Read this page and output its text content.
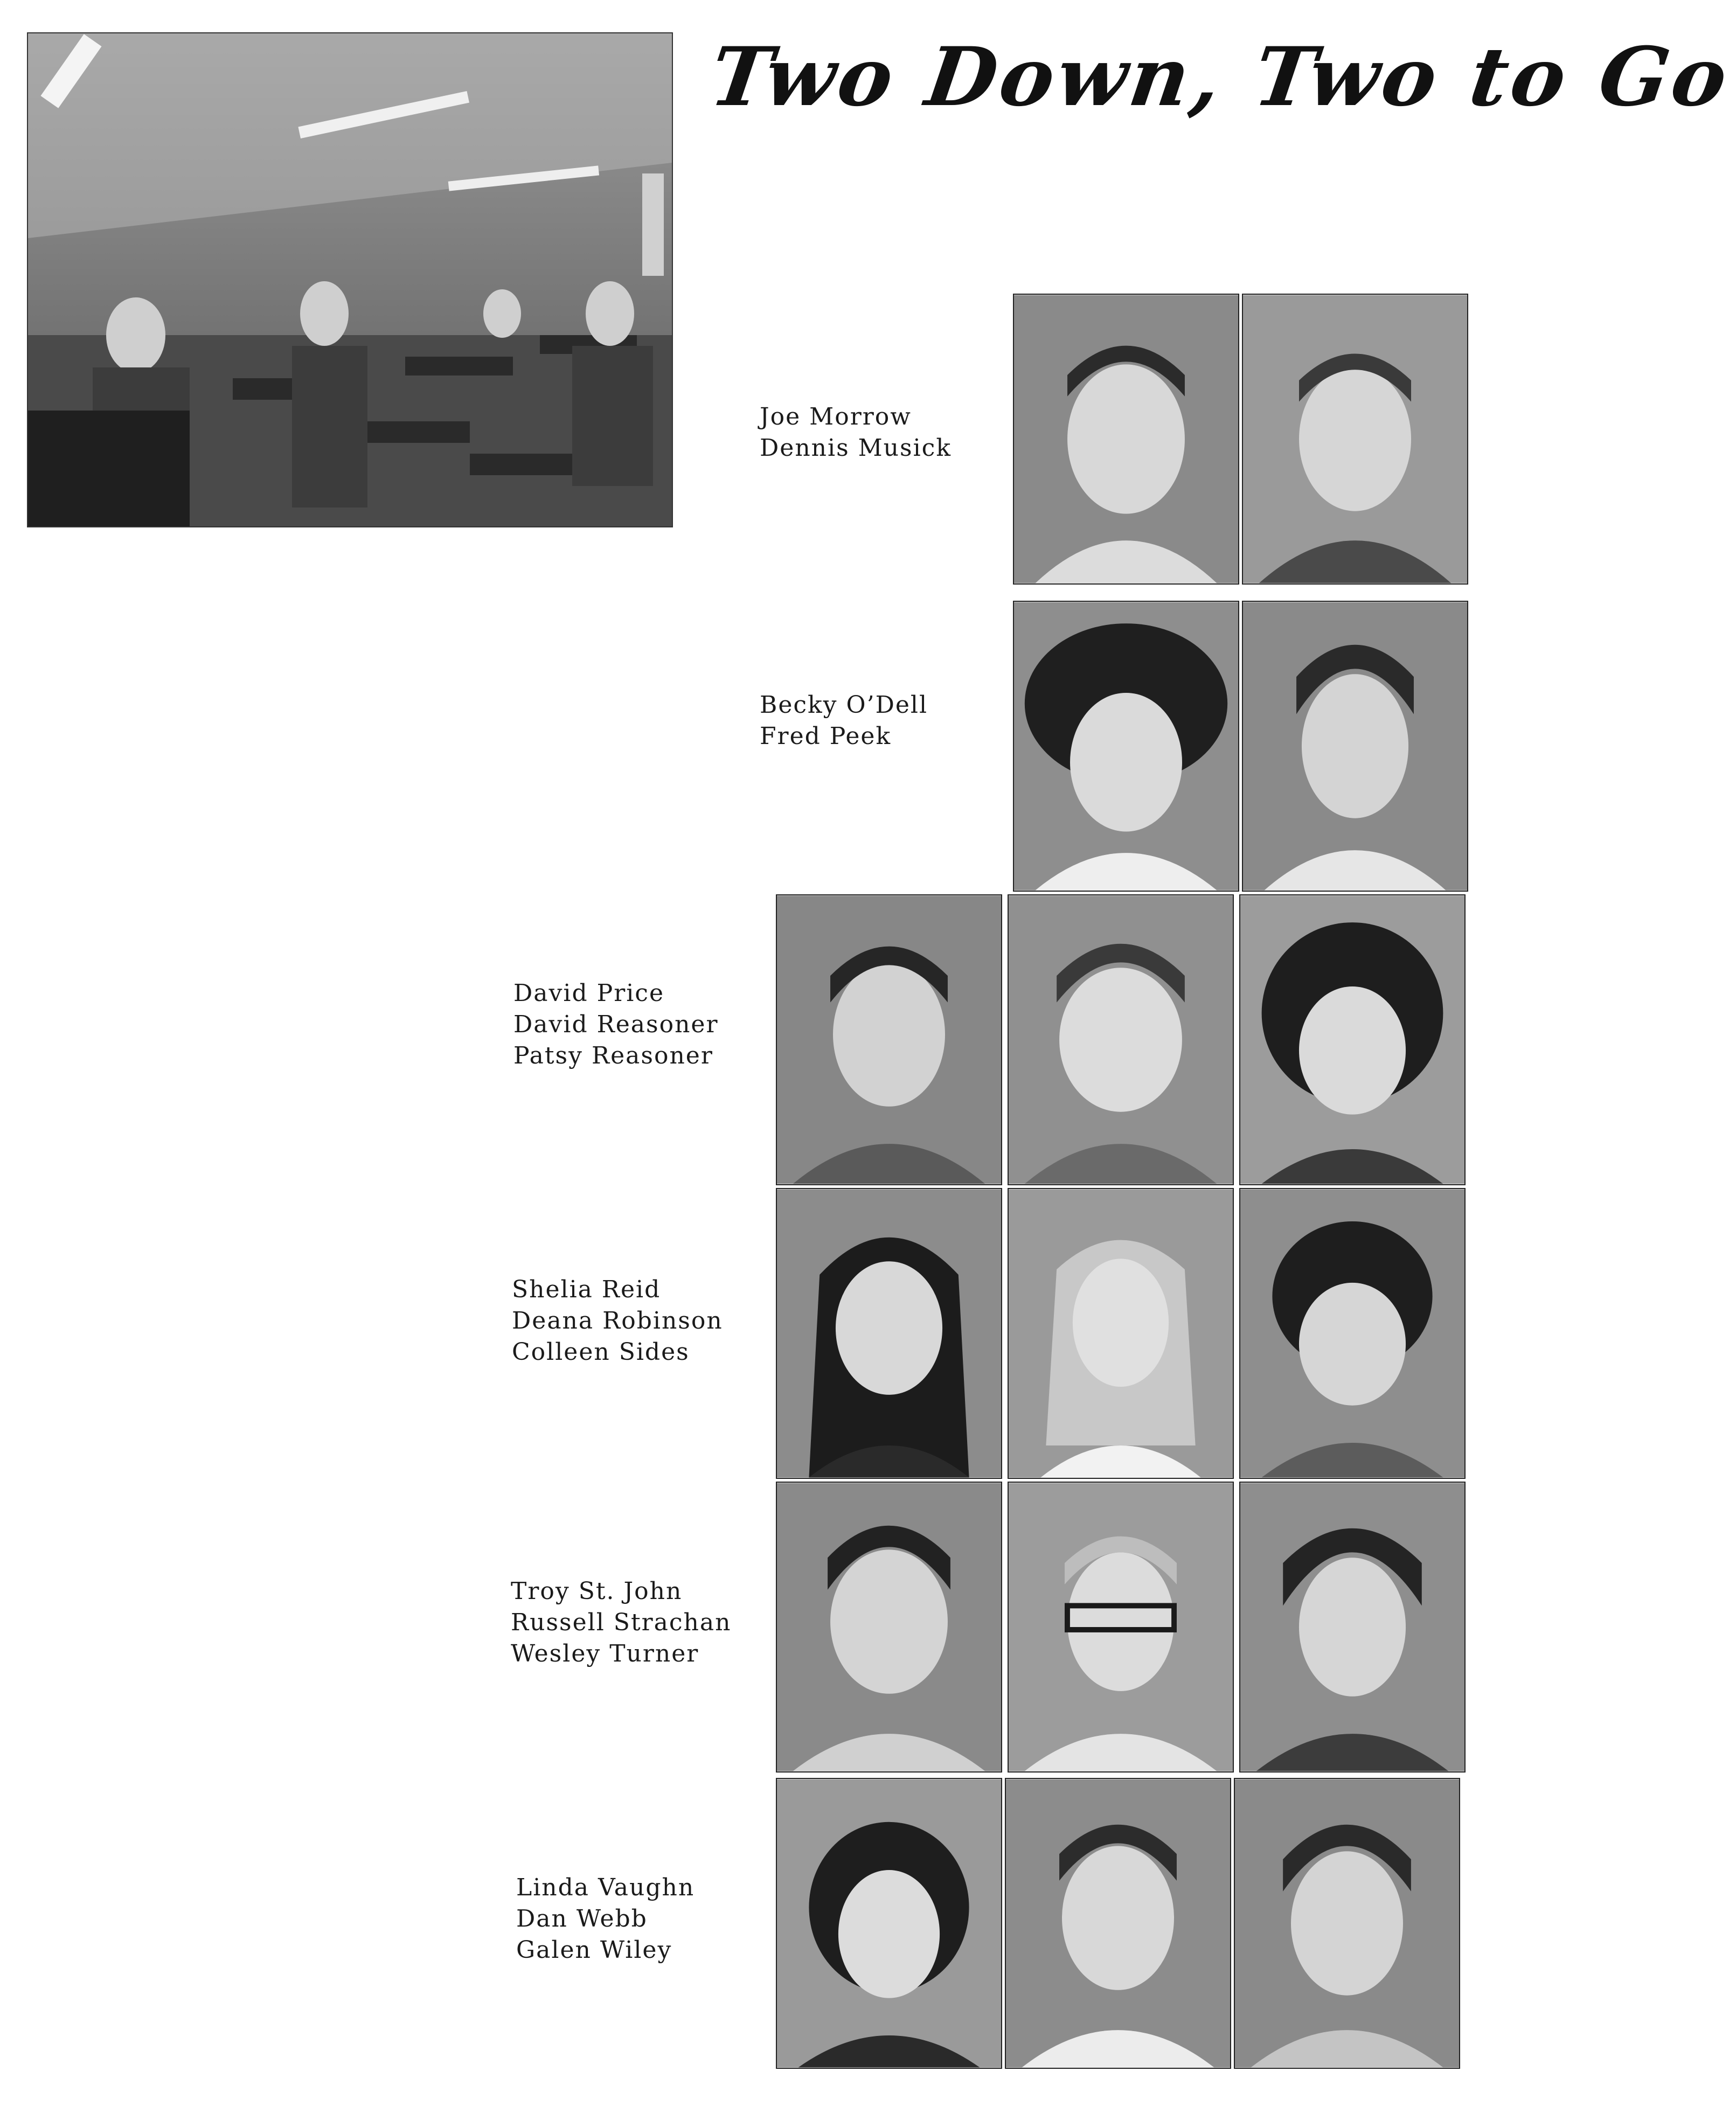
Two Down, Two to Go
Joe Morrow
Dennis Musick
Becky O’Dell
Fred Peek
David Price
David Reasoner
Patsy Reasoner
Shelia Reid
Deana Robinson
Colleen Sides
Troy St. John
Russell Strachan
Wesley Turner
Linda Vaughn
Dan Webb
Galen Wiley
